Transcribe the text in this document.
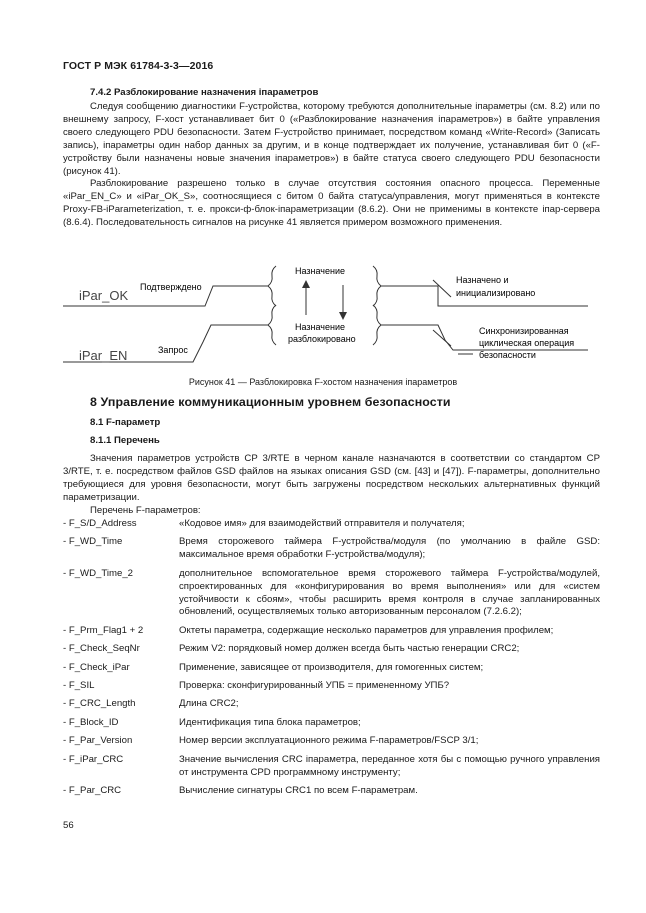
ГОСТ Р МЭК 61784-3-3—2016
7.4.2 Разблокирование назначения iпараметров

Следуя сообщению диагностики F-устройства, которому требуются дополнительные iпараметры (см. 8.2) или по внешнему запросу, F-хост устанавливает бит 0 («Разблокирование назначения iпараметров») в байте управления своего следующего PDU безопасности. Затем F-устройство принимает, посредством команд «Write-Record» (Записать запись), iпараметры один набор данных за другим, и в конце подтверждает их получение, устанавливая бит 0 («F-устройству были назначены новые значения iпараметров») в байте статуса своего следующего PDU безопасности (рисунок 41).

Разблокирование разрешено только в случае отсутствия состояния опасного процесса. Переменные «iPar_EN_C» и «iPar_OK_S», соотносящиеся с битом 0 байта статуса/управления, могут применяться в контексте Proxy-FB-iParameterization, т. е. прокси-ф-блок-iпараметризации (8.6.2). Они не применимы в контексте iпар-сервера (8.6.4). Последовательность сигналов на рисунке 41 является примером возможного применения.

iPar_OK
iPar_EN
Подтверждено
Запрос
Назначение
Назначение
разблокировано
Назначено и
инициализировано
Синхронизированная
циклическая операция
безопасности
Рисунок 41 — Разблокировка F-хостом назначения iпараметров
8 Управление коммуникационным уровнем безопасности
8.1 F-параметр
8.1.1 Перечень

Значения параметров устройств CP 3/RTE в черном канале назначаются в соответствии со стандартом CP 3/RTE, т. е. посредством файлов GSD файлов на языках описания GSD (см. [43] и [47]). F-параметры, дополнительно требующиеся для уровня безопасности, могут быть загружены посредством нескольких альтернативных функций параметризации.

Перечень F-параметров:

- F_S/D_Address	«Кодовое имя» для взаимодействий отправителя и получателя;
- F_WD_Time	Время сторожевого таймера F-устройства/модуля (по умолчанию в файле GSD: максимальное время обработки F-устройства/модуля);
- F_WD_Time_2	дополнительное вспомогательное время сторожевого таймера F-устройства/модулей, спроектированных для «конфигурирования во время выполнения» или для «систем устойчивости к сбоям», чтобы расширить время контроля в случае запланированных обновлений, осуществляемых только авторизованным персоналом (7.2.6.2);
- F_Prm_Flag1 + 2	Октеты параметра, содержащие несколько параметров для управления профилем;
- F_Check_SeqNr	Режим V2: порядковый номер должен всегда быть частью генерации CRC2;
- F_Check_iPar	Применение, зависящее от производителя, для гомогенных систем;
- F_SIL	Проверка: сконфигурированный УПБ = примененному УПБ?
- F_CRC_Length	Длина CRC2;
- F_Block_ID	Идентификация типа блока параметров;
- F_Par_Version	Номер версии эксплуатационного режима F-параметров/FSCP 3/1;
- F_iPar_CRC	Значение вычисления CRC iпараметра, переданное хотя бы с помощью ручного управления от инструмента CPD программному инструменту;
- F_Par_CRC	Вычисление сигнатуры CRC1 по всем F-параметрам.
56
